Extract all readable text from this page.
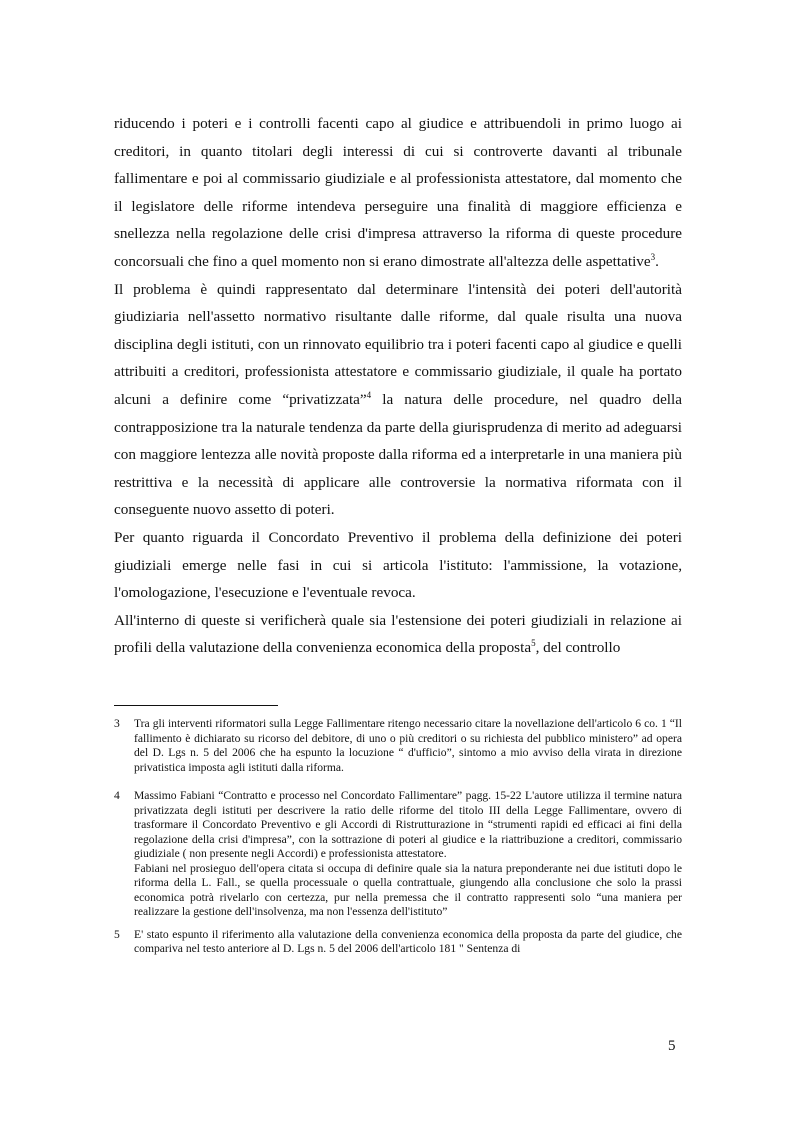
riducendo i poteri e i controlli facenti capo al giudice e attribuendoli in primo luogo ai creditori, in quanto titolari degli interessi di cui si controverte davanti al tribunale fallimentare e poi al commissario giudiziale e al professionista attestatore, dal momento che il legislatore delle riforme intendeva perseguire una finalità di maggiore efficienza e snellezza nella regolazione delle crisi d'impresa attraverso la riforma di queste procedure concorsuali che fino a quel momento non si erano dimostrate all'altezza delle aspettative$^3$.

Il problema è quindi rappresentato dal determinare l'intensità dei poteri dell'autorità giudiziaria nell'assetto normativo risultante dalle riforme, dal quale risulta una nuova disciplina degli istituti, con un rinnovato equilibrio tra i poteri facenti capo al giudice e quelli attribuiti a creditori, professionista attestatore e commissario giudiziale, il quale ha portato alcuni a definire come “privatizzata”$^4$ la natura delle procedure, nel quadro della contrapposizione tra la naturale tendenza da parte della giurisprudenza di merito ad adeguarsi con maggiore lentezza alle novità proposte dalla riforma ed a interpretarle in una maniera più restrittiva e la necessità di applicare alle controversie la normativa riformata con il conseguente nuovo assetto di poteri.

Per quanto riguarda il Concordato Preventivo il problema della definizione dei poteri giudiziali emerge nelle fasi in cui si articola l'istituto: l'ammissione, la votazione, l'omologazione, l'esecuzione e l'eventuale revoca.

All'interno di queste si verificherà quale sia l'estensione dei poteri giudiziali in relazione ai profili della valutazione della convenienza economica della proposta$^5$, del controllo

3 Tra gli interventi riformatori sulla Legge Fallimentare ritengo necessario citare la novellazione dell'articolo 6 co. 1 “Il fallimento è dichiarato su ricorso del debitore, di uno o più creditori o su richiesta del pubblico ministero” ad opera del D. Lgs n. 5 del 2006 che ha espunto la locuzione “ d'ufficio”, sintomo a mio avviso della virata in direzione privatistica imposta agli istituti dalla riforma.
4 Massimo Fabiani “Contratto e processo nel Concordato Fallimentare” pagg. 15-22 L'autore utilizza il termine natura privatizzata degli istituti per descrivere la ratio delle riforme del titolo III della Legge Fallimentare, ovvero di trasformare il Concordato Preventivo e gli Accordi di Ristrutturazione in “strumenti rapidi ed efficaci ai fini della regolazione della crisi d'impresa”, con la sottrazione di poteri al giudice e la riattribuzione a creditori, commissario giudiziale ( non presente negli Accordi) e professionista attestatore.
Fabiani nel prosieguo dell'opera citata si occupa di definire quale sia la natura preponderante nei due istituti dopo le riforma della L. Fall., se quella processuale o quella contrattuale, giungendo alla conclusione che solo la prassi economica potrà rivelarlo con certezza, pur nella premessa che il contratto rappresenti solo “una maniera per realizzare la gestione dell'insolvenza, ma non l'essenza dell'istituto”
5 E' stato espunto il riferimento alla valutazione della convenienza economica della proposta da parte del giudice, che compariva nel testo anteriore al D. Lgs n. 5 del 2006 dell'articolo 181 " Sentenza di
5
